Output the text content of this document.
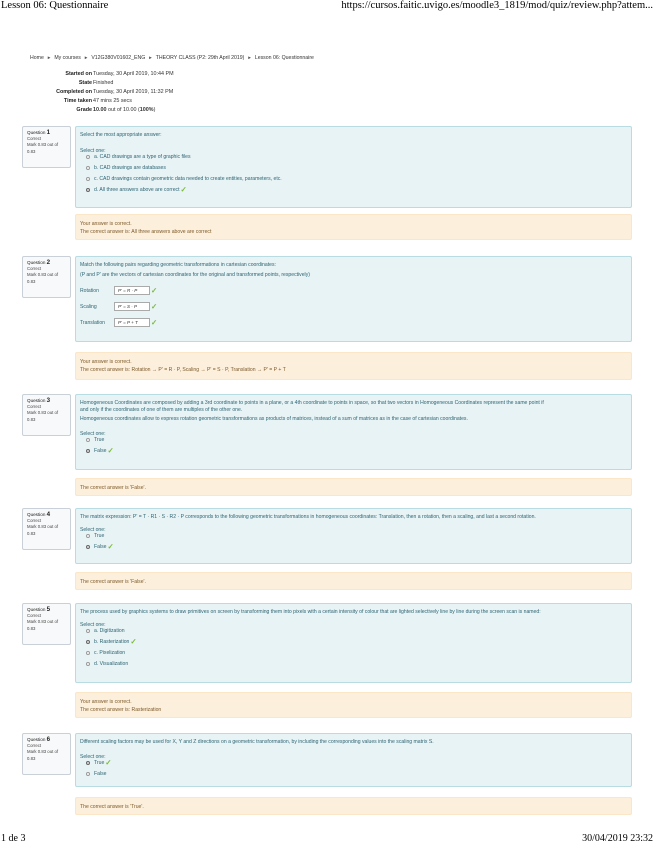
Lesson 06: Questionnaire	https://cursos.faitic.uvigo.es/moodle3_1819/mod/quiz/review.php?attem...
Home ► My courses ► V12G380V01602_ENG ► THEORY CLASS (P2: 29th April 2019) ► Lesson 06: Questionnaire
Started on Tuesday, 30 April 2019, 10:44 PM
State Finished
Completed on Tuesday, 30 April 2019, 11:32 PM
Time taken 47 mins 25 secs
Grade 10.00 out of 10.00 (100%)
Question 1
Correct
Mark 0.83 out of 0.83
Select the most appropriate answer:
Select one:
a. CAD drawings are a type of graphic files
b. CAD drawings are databases
c. CAD drawings contain geometric data needed to create entities, parameters, etc.
d. All three answers above are correct✓
Your answer is correct.
The correct answer is: All three answers above are correct
Question 2
Correct
Mark 0.83 out of 0.83
Match the following pairs regarding geometric transformations in cartesian coordinates:
(P and P' are the vectors of cartesian coordinates for the original and transformed points, respectively)
Rotation	P' = R · P ✓
Scaling	P' = S · P ✓
Translation	P' = P + T ✓
Your answer is correct.
The correct answer is: Rotation → P' = R · P, Scaling → P' = S · P, Translation → P' = P + T
Question 3
Correct
Mark 0.83 out of 0.83
Homogeneous Coordinates are composed by adding a 3rd coordinate to points in a plane, or a 4th coordinate to points in space, so that two vectors in Homogeneous Coordinates represent the same point if
and only if the coordinates of one of them are multiples of the other one.
Homogeneous coordinates allow to express rotation geometric transformations as products of matrices, instead of a sum of matrices as in the case of cartesian coordinates.
Select one:
True
False✓
The correct answer is 'False'.
Question 4
Correct
Mark 0.83 out of 0.83
The matrix expression: P' = T · R1 · S · R2 · P corresponds to the following geometric transformations in homogeneous coordinates: Translation, then a rotation, then a scaling, and last a second rotation.
Select one:
True
False✓
The correct answer is 'False'.
Question 5
Correct
Mark 0.83 out of 0.83
The process used by graphics systems to draw primitives on screen by transforming them into pixels with a certain intensity of colour that are lighted selectively line by line during the screen scan is named:
Select one:
a. Digitization
b. Rasterization✓
c. Pixelization
d. Visualization
Your answer is correct.
The correct answer is: Rasterization
Question 6
Correct
Mark 0.83 out of 0.83
Different scaling factors may be used for X, Y and Z directions on a geometric transformation, by including the corresponding values into the scaling matrix S.
Select one:
True✓
False
The correct answer is 'True'.
1 de 3	30/04/2019 23:32
